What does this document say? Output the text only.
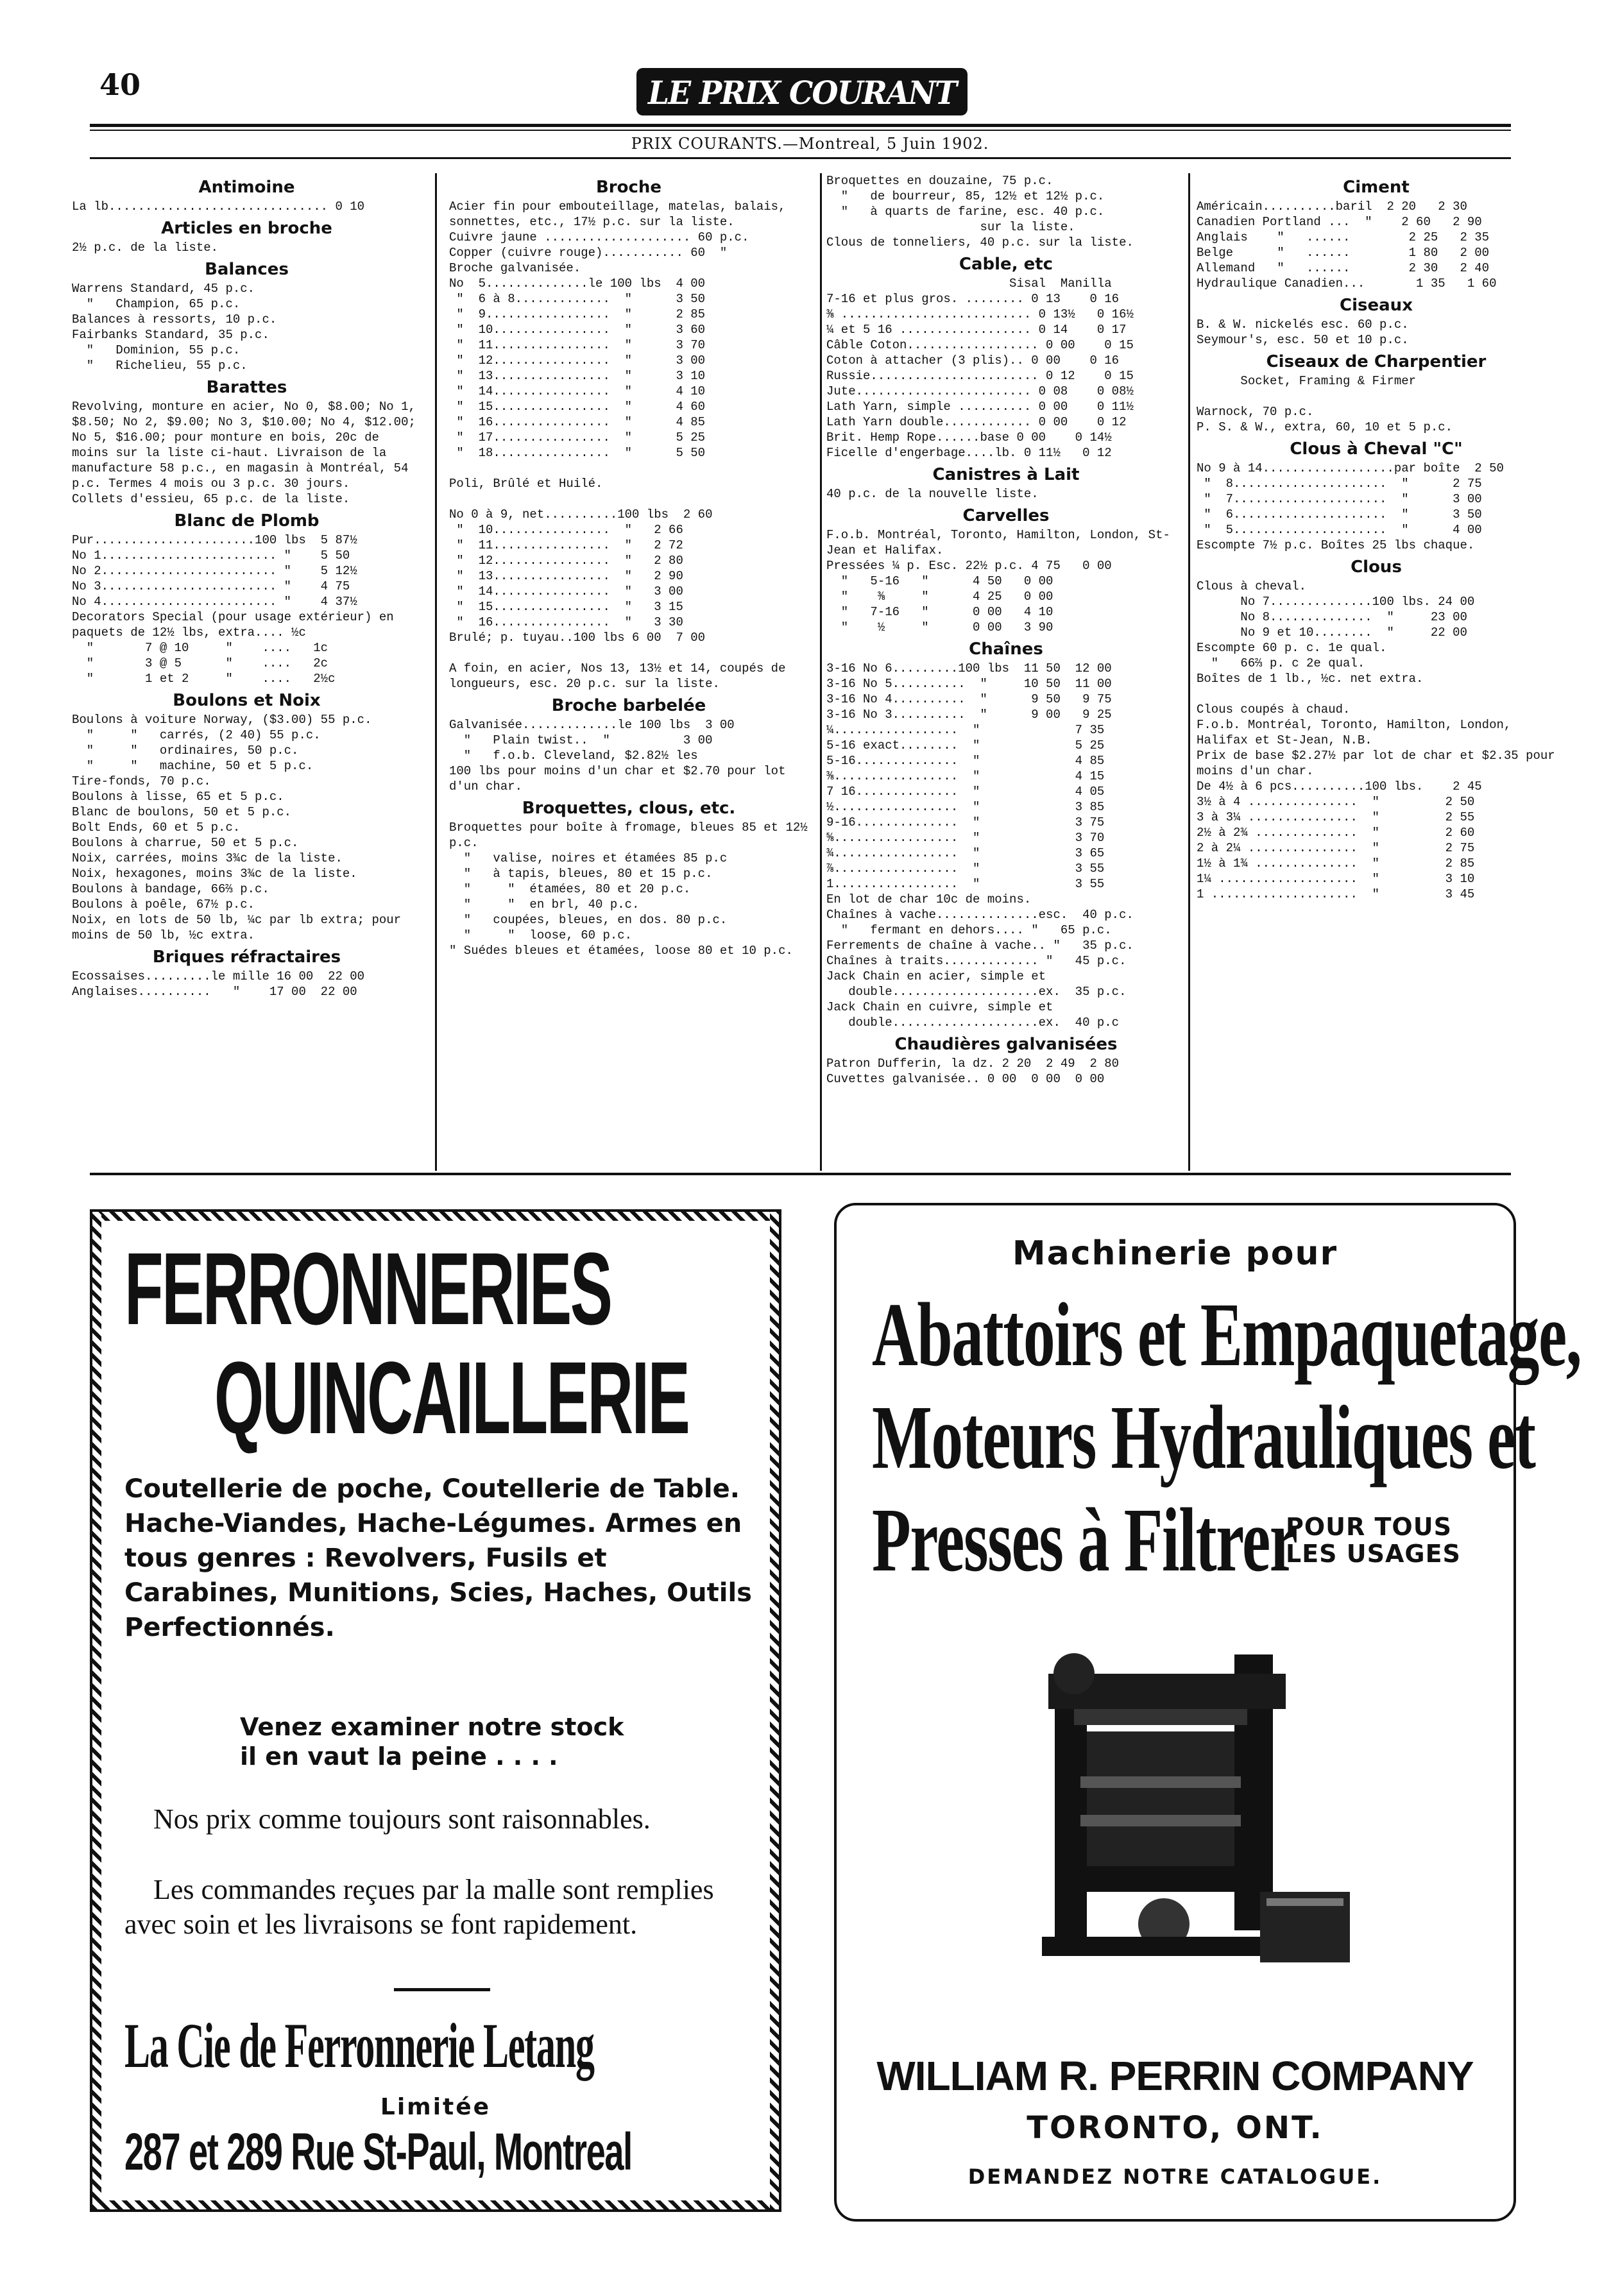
40	LE PRIX COURANT
PRIX COURANTS.—Montreal, 5 Juin 1902.
Antimoine
La lb.............................. 0 10
Articles en broche
2½ p.c. de la liste.
Balances
Warrens Standard, 45 p.c.
"   Champion, 65 p.c.
Balances à ressorts, 10 p.c.
Fairbanks Standard, 35 p.c.
"   Dominion, 55 p.c.
"   Richelieu, 55 p.c.
Barattes
Revolving, monture en acier, No 0, $8.00; No 1, $8.50; No 2, $9.00; No 3, $10.00; No 4, $12.00; No 5, $16.00; pour monture en bois, 20c de moins sur la liste ci-haut. Livraison de la manufacture 58 p.c., en magasin à Montréal, 54 p.c. Termes 4 mois ou 3 p.c. 30 jours.
Collets d'essieu, 65 p.c. de la liste.
Blanc de Plomb
Pur......................100 lbs  5 87½
No 1........................ "    5 50
No 2........................ "    5 12½
No 3........................ "    4 75
No 4........................ "    4 37½
Decorators Special (pour usage extérieur) en paquets de 12½ lbs, extra.... ½c
"       7 @ 10     "    ....   1c
"       3 @ 5      "    ....   2c
"       1 et 2     "    ....   2½c
Boulons et Noix
Boulons à voiture Norway, ($3.00) 55 p.c.
"     "   carrés, (2 40) 55 p.c.
"     "   ordinaires, 50 p.c.
"     "   machine, 50 et 5 p.c.
Tire-fonds, 70 p.c.
Boulons à lisse, 65 et 5 p.c.
Blanc de boulons, 50 et 5 p.c.
Bolt Ends, 60 et 5 p.c.
Boulons à charrue, 50 et 5 p.c.
Noix, carrées, moins 3¾c de la liste.
Noix, hexagones, moins 3¾c de la liste.
Boulons à bandage, 66⅔ p.c.
Boulons à poêle, 67½ p.c.
Noix, en lots de 50 lb, ¼c par lb extra; pour moins de 50 lb, ½c extra.
Briques réfractaires
Ecossaises.........le mille 16 00  22 00
Anglaises..........   "    17 00  22 00
Broche
Acier fin pour embouteillage, matelas, balais, sonnettes, etc., 17½ p.c. sur la liste.
Cuivre jaune .................... 60 p.c.
Copper (cuivre rouge)........... 60  "
Broche galvanisée.
No  5..............le 100 lbs  4 00
"  6 à 8.............  "      3 50
"  9.................  "      2 85
"  10................  "      3 60
"  11................  "      3 70
"  12................  "      3 00
"  13................  "      3 10
"  14................  "      4 10
"  15................  "      4 60
"  16................  "      4 85
"  17................  "      5 25
"  18................  "      5 50

Poli, Brûlé et Huilé.

No 0 à 9, net..........100 lbs  2 60
"  10................  "   2 66
"  11................  "   2 72
"  12................  "   2 80
"  13................  "   2 90
"  14................  "   3 00
"  15................  "   3 15
"  16................  "   3 30
Brulé; p. tuyau..100 lbs 6 00  7 00

A foin, en acier, Nos 13, 13½ et 14, coupés de longueurs, esc. 20 p.c. sur la liste.
Broche barbelée
Galvanisée.............le 100 lbs  3 00
"   Plain twist..  "          3 00
"   f.o.b. Cleveland, $2.82½ les
100 lbs pour moins d'un char et $2.70 pour lot d'un char.
Broquettes, clous, etc.
Broquettes pour boîte à fromage, bleues 85 et 12½ p.c.
"   valise, noires et étamées 85 p.c
"   à tapis, bleues, 80 et 15 p.c.
"     "  étamées, 80 et 20 p.c.
"     "  en brl, 40 p.c.
"   coupées, bleues, en dos. 80 p.c.
"     "  loose, 60 p.c.
" Suédes bleues et étamées, loose 80 et 10 p.c.
Broquettes en douzaine, 75 p.c.
"   de bourreur, 85, 12½ et 12½ p.c.
"   à quarts de farine, esc. 40 p.c.
sur la liste.
Clous de tonneliers, 40 p.c. sur la liste.
Cable, etc
Sisal  Manilla
7-16 et plus gros. ........ 0 13    0 16
⅜ .......................... 0 13½   0 16½
¼ et 5 16 .................. 0 14    0 17
Câble Coton.................. 0 00    0 15
Coton à attacher (3 plis).. 0 00    0 16
Russie....................... 0 12    0 15
Jute........................ 0 08    0 08½
Lath Yarn, simple .......... 0 00    0 11½
Lath Yarn double............ 0 00    0 12
Brit. Hemp Rope......base 0 00    0 14½
Ficelle d'engerbage....lb. 0 11½   0 12
Canistres à Lait
40 p.c. de la nouvelle liste.
Carvelles
F.o.b. Montréal, Toronto, Hamilton, London, St-Jean et Halifax.
Pressées ¼ p. Esc. 22½ p.c. 4 75   0 00
"   5-16   "      4 50   0 00
"    ⅜     "      4 25   0 00
"   7-16   "      0 00   4 10
"    ½     "      0 00   3 90
Chaînes
3-16 No 6.........100 lbs  11 50  12 00
3-16 No 5..........  "     10 50  11 00
3-16 No 4..........  "      9 50   9 75
3-16 No 3..........  "      9 00   9 25
¼.................  "             7 35
5-16 exact........  "             5 25
5-16..............  "             4 85
⅜.................  "             4 15
7 16..............  "             4 05
½.................  "             3 85
9-16..............  "             3 75
⅝.................  "             3 70
¾.................  "             3 65
⅞.................  "             3 55
1.................  "             3 55
En lot de char 10c de moins.
Chaînes à vache..............esc.  40 p.c.
"   fermant en dehors.... "   65 p.c.
Ferrements de chaîne à vache.. "   35 p.c.
Chaînes à traits............. "   45 p.c.
Jack Chain en acier, simple et
double....................ex.  35 p.c.
Jack Chain en cuivre, simple et
double....................ex.  40 p.c
Chaudières galvanisées
Patron Dufferin, la dz. 2 20  2 49  2 80
Cuvettes galvanisée.. 0 00  0 00  0 00
Ciment
Américain..........baril  2 20   2 30
Canadien Portland ...  "    2 60   2 90
Anglais    "   ......        2 25   2 35
Belge      "   ......        1 80   2 00
Allemand   "   ......        2 30   2 40
Hydraulique Canadien...       1 35   1 60
Ciseaux
B. & W. nickelés esc. 60 p.c.
Seymour's, esc. 50 et 10 p.c.
Ciseaux de Charpentier
Socket, Framing & Firmer

Warnock, 70 p.c.
P. S. & W., extra, 60, 10 et 5 p.c.
Clous à Cheval "C"
No 9 à 14..................par boîte  2 50
"  8.....................  "      2 75
"  7.....................  "      3 00
"  6.....................  "      3 50
"  5.....................  "      4 00
Escompte 7½ p.c. Boîtes 25 lbs chaque.
Clous
Clous à cheval.
No 7..............100 lbs. 24 00
No 8..............  "     23 00
No 9 et 10........  "     22 00
Escompte 60 p. c. 1e qual.
"   66⅔ p. c 2e qual.
Boîtes de 1 lb., ½c. net extra.

Clous coupés à chaud.
F.o.b. Montréal, Toronto, Hamilton, London, Halifax et St-Jean, N.B.
Prix de base $2.27½ par lot de char et $2.35 pour moins d'un char.
De 4½ à 6 pcs..........100 lbs.    2 45
3½ à 4 ...............  "         2 50
3 à 3¼ ...............  "         2 55
2½ à 2¾ ..............  "         2 60
2 à 2¼ ...............  "         2 75
1½ à 1¾ ..............  "         2 85
1¼ ...................  "         3 10
1 ....................  "         3 45
FERRONNERIES
QUINCAILLERIE
Coutellerie de poche, Coutellerie de Table. Hache-Viandes, Hache-Légumes. Armes en tous genres : Revolvers, Fusils et Carabines, Munitions, Scies, Haches, Outils Perfectionnés.
Venez examiner notre stock
il en vaut la peine . . . .
Nos prix comme toujours sont raisonnables.
Les commandes reçues par la malle sont remplies avec soin et les livraisons se font rapidement.
La Cie de Ferronnerie Letang
Limitée
287 et 289 Rue St-Paul, Montreal
Machinerie pour
Abattoirs et Empaquetage,
Moteurs Hydrauliques et
Presses à Filtrer
POUR TOUS
LES USAGES
WILLIAM R. PERRIN COMPANY
TORONTO, ONT.
DEMANDEZ NOTRE CATALOGUE.
